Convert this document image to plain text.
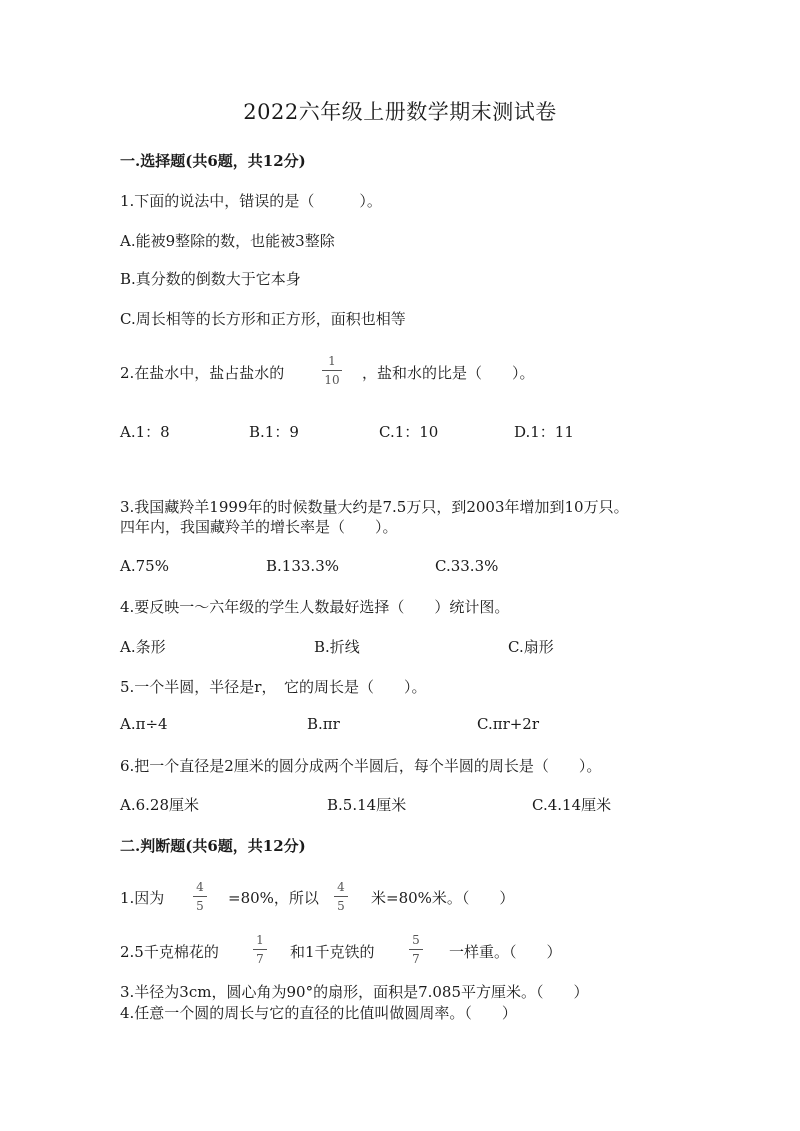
2022六年级上册数学期末测试卷
一.选择题(共6题，共12分)
1.下面的说法中，错误的是（　　　）。
A.能被9整除的数，也能被3整除
B.真分数的倒数大于它本身
C.周长相等的长方形和正方形，面积也相等
2.在盐水中，盐占盐水的
1
10 ，盐和水的比是（　　）。
A.1：8	B.1：9	C.1：10	D.1：11
3.我国藏羚羊1999年的时候数量大约是7.5万只，到2003年增加到10万只。
四年内，我国藏羚羊的增长率是（　　）。
A.75%	B.133.3%	C.33.3%
4.要反映一～六年级的学生人数最好选择（　　）统计图。
A.条形	B.折线	C.扇形
5.一个半圆，半径是r，　它的周长是（　　）。
A.π÷4	B.πr	C.πr+2r
6.把一个直径是2厘米的圆分成两个半圆后，每个半圆的周长是（　　）。
A.6.28厘米	B.5.14厘米	C.4.14厘米
二.判断题(共6题，共12分)
1.因为
4
5 =80%，所以
4
5 米=80%米。（　　）
2.5千克棉花的
1
7 和1千克铁的
5
7 一样重。（　　）
3.半径为3cm，圆心角为90°的扇形，面积是7.085平方厘米。（　　）
4.任意一个圆的周长与它的直径的比值叫做圆周率。（　　）
